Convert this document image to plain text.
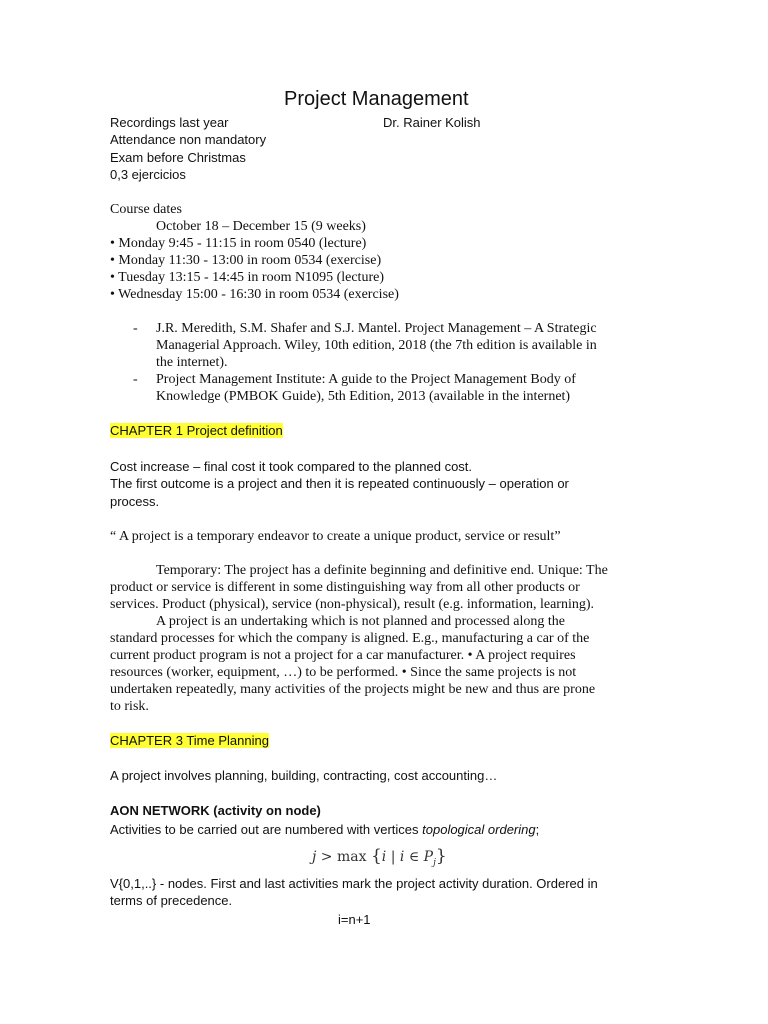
Project Management
Recordings last year	Dr. Rainer Kolish
Attendance non mandatory
Exam before Christmas
0,3 ejercicios
Course dates
October 18 – December 15 (9 weeks)
• Monday 9:45 - 11:15 in room 0540 (lecture)
• Monday 11:30 - 13:00 in room 0534 (exercise)
• Tuesday 13:15 - 14:45 in room N1095 (lecture)
• Wednesday 15:00 - 16:30 in room 0534 (exercise)
- J.R. Meredith, S.M. Shafer and S.J. Mantel. Project Management – A Strategic
Managerial Approach. Wiley, 10th edition, 2018 (the 7th edition is available in
the internet).
- Project Management Institute: A guide to the Project Management Body of
Knowledge (PMBOK Guide), 5th Edition, 2013 (available in the internet)
CHAPTER 1 Project definition
Cost increase – final cost it took compared to the planned cost.
The first outcome is a project and then it is repeated continuously – operation or
process.
“ A project is a temporary endeavor to create a unique product, service or result”
Temporary: The project has a definite beginning and definitive end. Unique: The
product or service is different in some distinguishing way from all other products or
services. Product (physical), service (non-physical), result (e.g. information, learning).
A project is an undertaking which is not planned and processed along the
standard processes for which the company is aligned. E.g., manufacturing a car of the
current product program is not a project for a car manufacturer. • A project requires
resources (worker, equipment, …) to be performed. • Since the same projects is not
undertaken repeatedly, many activities of the projects might be new and thus are prone
to risk.
CHAPTER 3 Time Planning
A project involves planning, building, contracting, cost accounting…
AON NETWORK (activity on node)
Activities to be carried out are numbered with vertices topological ordering;
j > max {i | i ∈ $P_j$}
V{0,1,..} - nodes. First and last activities mark the project activity duration. Ordered in
terms of precedence.
i=n+1
